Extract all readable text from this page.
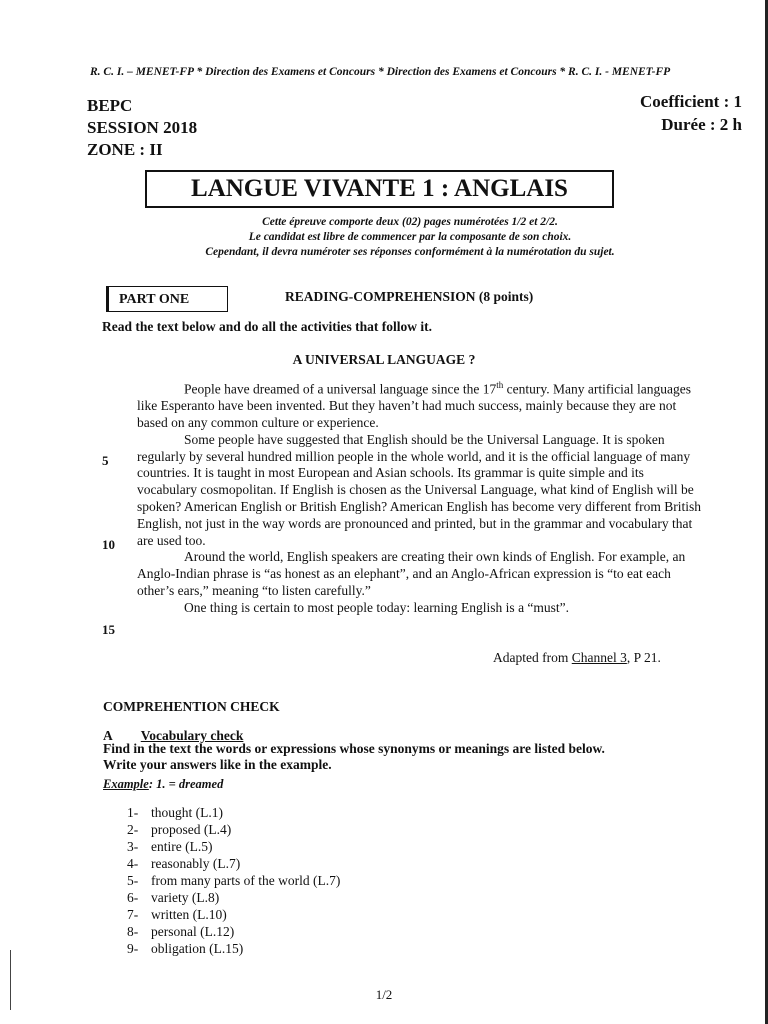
R. C. I. – MENET-FP * Direction des Examens et Concours * Direction des Examens et Concours * R. C. I. - MENET-FP
BEPC
SESSION 2018
ZONE : II
Coefficient : 1
Durée : 2 h
LANGUE VIVANTE 1 : ANGLAIS
Cette épreuve comporte deux (02) pages numérotées 1/2 et 2/2.
Le candidat est libre de commencer par la composante de son choix.
Cependant, il devra numéroter ses réponses conformément à la numérotation du sujet.
PART ONE	READING-COMPREHENSION (8 points)
Read the text below and do all the activities that follow it.
A UNIVERSAL LANGUAGE ?

People have dreamed of a universal language since the 17th century. Many artificial languages like Esperanto have been invented. But they haven’t had much success, mainly because they are not based on any common culture or experience.

Some people have suggested that English should be the Universal Language. It is spoken regularly by several hundred million people in the whole world, and it is the official language of many countries. It is taught in most European and Asian schools. Its grammar is quite simple and its vocabulary cosmopolitan. If English is chosen as the Universal Language, what kind of English will be spoken? American English or British English? American English has become very different from British English, not just in the way words are pronounced and printed, but in the grammar and vocabulary that are used too.

Around the world, English speakers are creating their own kinds of English. For example, an Anglo-Indian phrase is “as honest as an elephant”, and an Anglo-African expression is “to eat each other’s ears,” meaning “to listen carefully.”

One thing is certain to most people today: learning English is a “must”.

5
10
15
Adapted from Channel 3, P 21.
COMPREHENTION CHECK
A Vocabulary check
Find in the text the words or expressions whose synonyms or meanings are listed below.
Write your answers like in the example.
Example: 1. = dreamed
1- thought (L.1)
2- proposed (L.4)
3- entire (L.5)
4- reasonably (L.7)
5- from many parts of the world (L.7)
6- variety (L.8)
7- written (L.10)
8- personal (L.12)
9- obligation (L.15)
1/2
